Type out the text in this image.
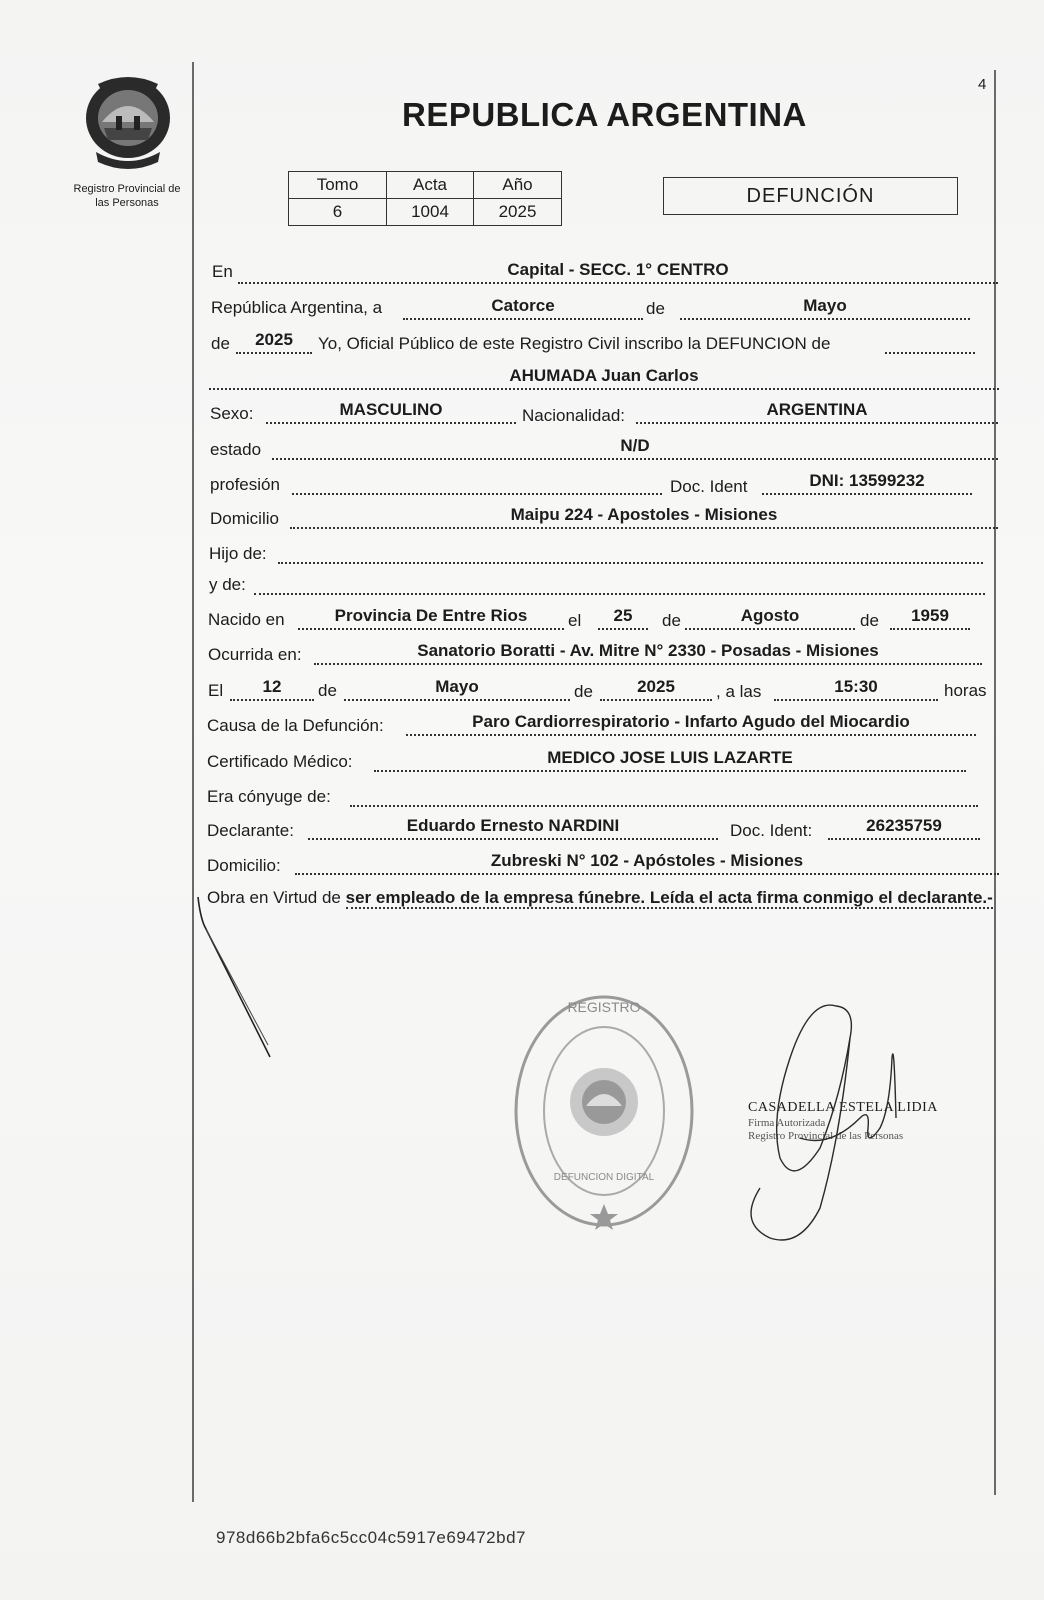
4
Registro Provincial de
las Personas
REPUBLICA ARGENTINA
Tomo	Acta	Año
6	1004	2025
DEFUNCIÓN
En	Capital - SECC. 1° CENTRO
República Argentina, a	Catorce	de	Mayo
de	2025	Yo, Oficial Público de este Registro Civil inscribo la DEFUNCION de
AHUMADA Juan Carlos
Sexo:	MASCULINO	Nacionalidad:	ARGENTINA
estado	N/D
profesión	Doc. Ident	DNI: 13599232
Domicilio	Maipu 224 - Apostoles - Misiones
Hijo de:
y de:
Nacido en	Provincia De Entre Rios	el	25	de	Agosto	de	1959
Ocurrida en:	Sanatorio Boratti - Av. Mitre N° 2330 - Posadas - Misiones
El	12	de	Mayo	de	2025	, a las	15:30	horas
Causa de la Defunción:	Paro Cardiorrespiratorio - Infarto Agudo del Miocardio
Certificado Médico:	MEDICO JOSE LUIS LAZARTE
Era cónyuge de:
Declarante:	Eduardo Ernesto NARDINI	Doc. Ident:	26235759
Domicilio:	Zubreski N° 102 - Apóstoles - Misiones
Obra en Virtud de ser empleado de la empresa fúnebre. Leída el acta firma conmigo el declarante.-
REGISTRO
DEFUNCION DIGITAL
CASADELLA ESTELA LIDIA
Firma Autorizada
Registro Provincial de las Personas
978d66b2bfa6c5cc04c5917e69472bd7
